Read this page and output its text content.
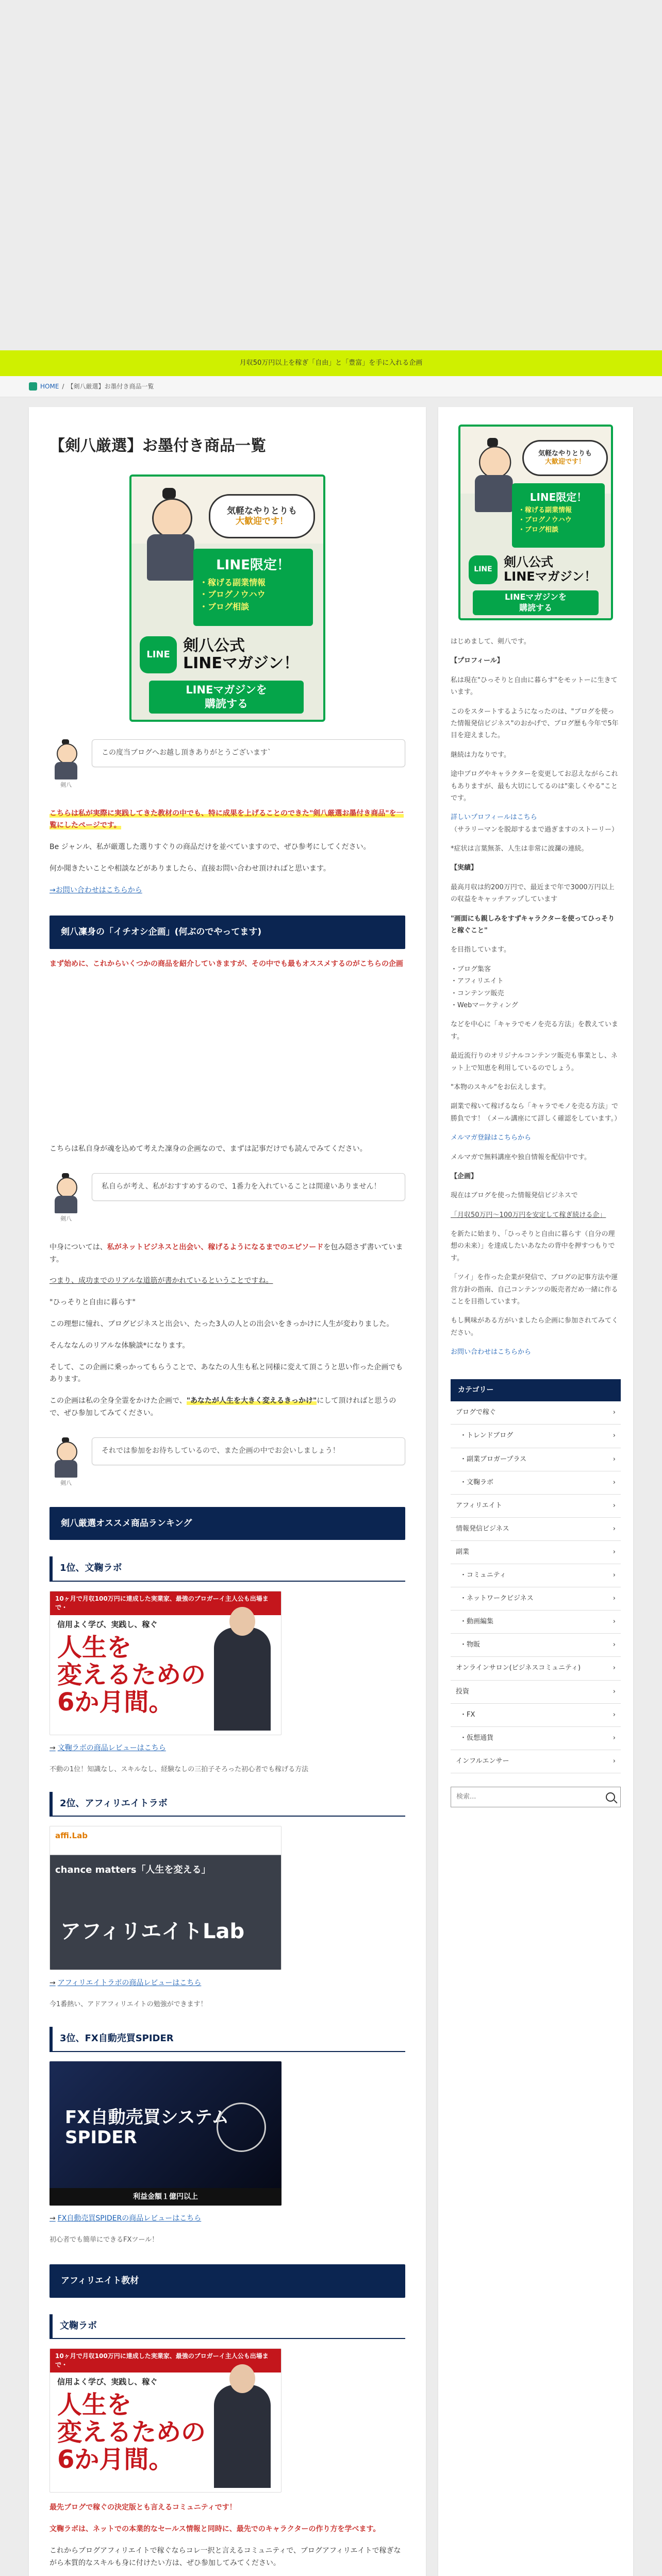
月収50万円以上を稼ぎ「自由」と「豊富」を手に入れる企画
HOME / 【剣八厳選】お墨付き商品一覧
【剣八厳選】お墨付き商品一覧
気軽なやりとりも
大歓迎です！
LINE限定！
・稼げる副業情報
・ブログノウハウ
・ブログ相談
LINE 剣八公式
LINEマガジン！
LINEマガジンを
購読する
剣八
この度当ブログへお越し頂きありがとうございます`

こちらは私が実際に実践してきた教材の中でも、特に成果を上げることのできた"剣八厳選お墨付き商品"を一覧にしたページです。

Be ジャンル、私が厳選した選りすぐりの商品だけを並べていますので、ぜひ参考にしてください。

何か聞きたいことや相談などがありましたら、直接お問い合わせ頂ければと思います。

→お問い合わせはこちらから
剣八凜身の「イチオシ企画」(何ぶのでやってます)

まず始めに、これからいくつかの商品を紹介していきますが、その中でも最もオススメするのがこちらの企画

こちらは私自身が魂を込めて考えた凜身の企画なので、まずは記事だけでも読んでみてください。

剣八
私自らが考え、私がおすすめするので、1番力を入れていることは間違いありません！

中身については、私がネットビジネスと出会い、稼げるようになるまでのエピソードを包み隠さず書いています。

つまり、成功までのリアルな道筋が書かれているということですね。

"ひっそりと自由に暮らす"

この理想に憧れ、ブログビジネスと出会い、たった3人の人との出会いをきっかけに人生が変わりました。

そんななんのリアルな体験談*になります。

そして、この企画に乗っかってもらうことで、あなたの人生も私と同様に変えて頂こうと思い作った企画でもあります。

この企画は私の全身全霊をかけた企画で、"あなたが人生を大きく変えるきっかけ"にして頂ければと思うので、ぜひ参加してみてください。

剣八
それでは参加をお待ちしているので、また企画の中でお会いしましょう！
剣八厳選オススメ商品ランキング
1位、文鞠ラボ
10ヶ月で月収100万円に達成した実業家、最強のブロガーイ主人公も出場まで・
信用よく学び、実践し、稼ぐ
人生を
変えるための
6か月間。
→ 文鞠ラボの商品レビューはこちら

不動の1位！知識なし、スキルなし、経験なしの三拍子そろった初心者でも稼げる方法

2位、アフィリエイトラボ
affi.Lab
chance matters「人生を変える」
アフィリエイトLab
→ アフィリエイトラボの商品レビューはこちら

今1番熱い、アドアフィリエイトの勉強ができます！

3位、FX自動売買SPIDER
FX自動売買システム
SPIDER
利益金額１億円以上
→ FX自動売買SPIDERの商品レビューはこちら

初心者でも簡単にできるFXツール！

アフィリエイト教材
文鞠ラボ
10ヶ月で月収100万円に達成した実業家、最強のブロガーイ主人公も出場まで・
信用よく学び、実践し、稼ぐ
人生を
変えるための
6か月間。

最先ブログで稼ぐの決定版とも言えるコミュニティです！

文鞠ラボは、ネットでの本業的なセールス情報と同時に、最先でのキャラクターの作り方を学べます。

これからブログアフィリエイトで稼ぐならコレ一択と言えるコミュニティで、ブログアフィリエイトで稼ぎながら本質的なスキルも身に付けたい方は、ぜひ参加してみてください。

気軽なやりとりも
大歓迎です！
LINE限定！
・稼げる副業情報
・ブログノウハウ
・ブログ相談
LINE 剣八公式
LINEマガジン！
LINEマガジンを
購読する

はじめまして、剣八です。

【プロフィール】

私は現在"ひっそりと自由に暮らす"をモットーに生きています。

このをスタートするようになったのは、"ブログを使った情報発信ビジネス"のおかげで、ブログ歴も今年で5年目を迎えました。

継続は力なりです。

途中ブログやキャラクターを変更してお忍えながらこれもありますが、最も大切にしてるのは"楽しくやる"ことです。

詳しいプロフィールはこちら
（サラリーマンを脱却するまで過ぎますのストーリー）

*症状は言葉無茶、人生は非常に波瀾の連続。

【実績】

最高月収は約200万円で、最近まで年で3000万円以上の収益をキャッチアップしています

"画面にも親しみをすずキャラクターを使ってひっそりと稼ぐこと"

を目指しています。

・ブログ集客
・アフィリエイト
・コンテンツ販売
・Webマーケティング

などを中心に「キャラでモノを売る方法」を教えています。

最近流行りのオリジナルコンテンツ販売も事業とし、ネット上で知恵を利用しているのでしょう。

"本物のスキル"をお伝えします。

副業で稼いて稼げるなら「キャラでモノを売る方法」で勝負です！（メール講座にて詳しく確認をしています。）

メルマガ登録はこちらから

メルマガで無料講座や独自情報を配信中です。

【企画】

現在はブログを使った情報発信ビジネスで

「月収50万円〜100万円を安定して稼ぎ続ける企」

を新たに始まり、「ひっそりと自由に暮らす（自分の理想の未来）」を達成したいあなたの背中を押すつもりです。

「ツイ」を作った企業が発信で、ブログの記事方法や運営方針の指南、自己コンテンツの販売者だめ一緒に作ることを目指しています。

もし興味がある方がいましたら企画に参加されてみてください。

お問い合わせはこちらから

カテゴリー
ブログで稼ぐ	›
・トレンドブログ	›
・副業ブロガープラス	›
・文鞠ラボ	›
アフィリエイト	›
情報発信ビジネス	›
副業	›
・コミュニティ	›
・ネットワークビジネス	›
・動画編集	›
・物販	›
オンラインサロン(ビジネスコミュニティ)	›
投資	›
・FX	›
・仮想通貨	›
インフルエンサー	›
検索...
